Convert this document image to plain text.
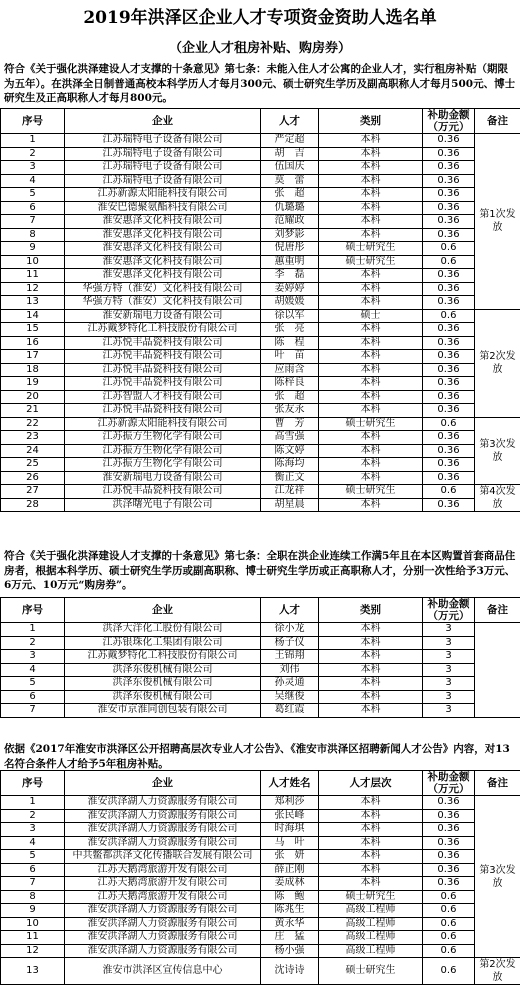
2019年洪泽区企业人才专项资金资助人选名单
（企业人才租房补贴、购房券）
符合《关于强化洪泽建设人才支撑的十条意见》第七条：未能入住人才公寓的企业人才，实行租房补贴（期限为五年）。在洪泽全日制普通高校本科学历人才每月300元、硕士研究生学历及副高职称人才每月500元、博士研究生及正高职称人才每月800元。
序号	企业	人才	类别	补助金额（万元）	备注
1	江苏瑞特电子设备有限公司	严定超	本科	0.36	第1次发放
2	江苏瑞特电子设备有限公司	胡　吉	本科	0.36	
3	江苏瑞特电子设备有限公司	伍国庆	本科	0.36	
4	江苏瑞特电子设备有限公司	莫　蕾	本科	0.36	
5	江苏新源太阳能科技有限公司	张　超	本科	0.36	
6	淮安巴德聚氨酯科技有限公司	仇璐璐	本科	0.36	
7	淮安惠泽文化科技有限公司	范耀政	本科	0.36	
8	淮安惠泽文化科技有限公司	刘梦影	本科	0.36	
9	淮安惠泽文化科技有限公司	倪唐彤	硕士研究生	0.6	
10	淮安惠泽文化科技有限公司	蕙重明	硕士研究生	0.6	
11	淮安惠泽文化科技有限公司	李　磊	本科	0.36	
12	华强方特（淮安）文化科技有限公司	姜婷婷	本科	0.36	
13	华强方特（淮安）文化科技有限公司	胡媛媛	本科	0.36	
14	淮安新瑞电力设备有限公司	徐以军	硕士	0.6	第2次发放
15	江苏戴梦特化工科技股份有限公司	张　亮	本科	0.36	
16	江苏悦丰晶瓷科技有限公司	陈　程	本科	0.36	
17	江苏悦丰晶瓷科技有限公司	叶　苗	本科	0.36	
18	江苏悦丰晶瓷科技有限公司	应雨含	本科	0.36	
19	江苏悦丰晶瓷科技有限公司	陈梓良	本科	0.36	
20	江苏智盟人才科技有限公司	张　超	本科	0.36	
21	江苏悦丰晶瓷科技有限公司	张友永	本科	0.36	
22	江苏新源太阳能科技有限公司	曹　芳	硕士研究生	0.6	第3次发放
23	江苏振方生物化学有限公司	高雪强	本科	0.36	
24	江苏振方生物化学有限公司	陈文婷	本科	0.36	
25	江苏振方生物化学有限公司	陈海均	本科	0.36	
26	淮安新瑞电力设备有限公司	衡正文	本科	0.36	
27	江苏悦丰晶瓷科技有限公司	江龙祥	硕士研究生	0.6	第4次发放
28	洪泽曙光电子有限公司	胡星晨	本科	0.36	
符合《关于强化洪泽建设人才支撑的十条意见》第七条：全职在洪企业连续工作满5年且在本区购置首套商品住房者，根据本科学历、硕士研究生学历或副高职称、博士研究生学历或正高职称人才，分别一次性给予3万元、6万元、10万元“购房券”。
序号	企业	人才	类别	补助金额（万元）	备注
1	洪泽大洋化工股份有限公司	徐小龙	本科	3	
2	江苏银珠化工集团有限公司	杨子仪	本科	3	
3	江苏戴梦特化工科技股份有限公司	王锦翔	本科	3	
4	洪泽东俊机械有限公司	刘伟	本科	3	
5	洪泽东俊机械有限公司	孙灵通	本科	3	
6	洪泽东俊机械有限公司	吴继俊	本科	3	
7	淮安市京淮同创包装有限公司	葛红霞	本科	3	
依据《2017年淮安市洪泽区公开招聘高层次专业人才公告》、《淮安市洪泽区招聘新闻人才公告》内容，对13名符合条件人才给予5年租房补贴。
序号	企业	人才姓名	人才层次	补助金额（万元）	备注
1	淮安洪泽湖人力资源服务有限公司	郑利莎	本科	0.36	第3次发放
2	淮安洪泽湖人力资源服务有限公司	张民峰	本科	0.36	
3	淮安洪泽湖人力资源服务有限公司	时海琪	本科	0.36	
4	淮安洪泽湖人力资源服务有限公司	马　叶	本科	0.36	
5	中共鳖都洪泽文化传播联合发展有限公司	张　妍	本科	0.36	
6	江苏天鹅湾旅游开发有限公司	薛正刚	本科	0.36	
7	江苏天鹅湾旅游开发有限公司	姜成林	本科	0.36	
8	江苏天鹅湾旅游开发有限公司	陈　鲍	硕士研究生	0.6	
9	淮安洪泽湖人力资源服务有限公司	陈兆生	高级工程师	0.6	
10	淮安洪泽湖人力资源服务有限公司	黄永华	高级工程师	0.6	
11	淮安洪泽湖人力资源服务有限公司	庄　猛	高级工程师	0.6	
12	淮安洪泽湖人力资源服务有限公司	杨小强	高级工程师	0.6	
13	淮安市洪泽区宣传信息中心	沈诗诗	硕士研究生	0.6	第2次发放
